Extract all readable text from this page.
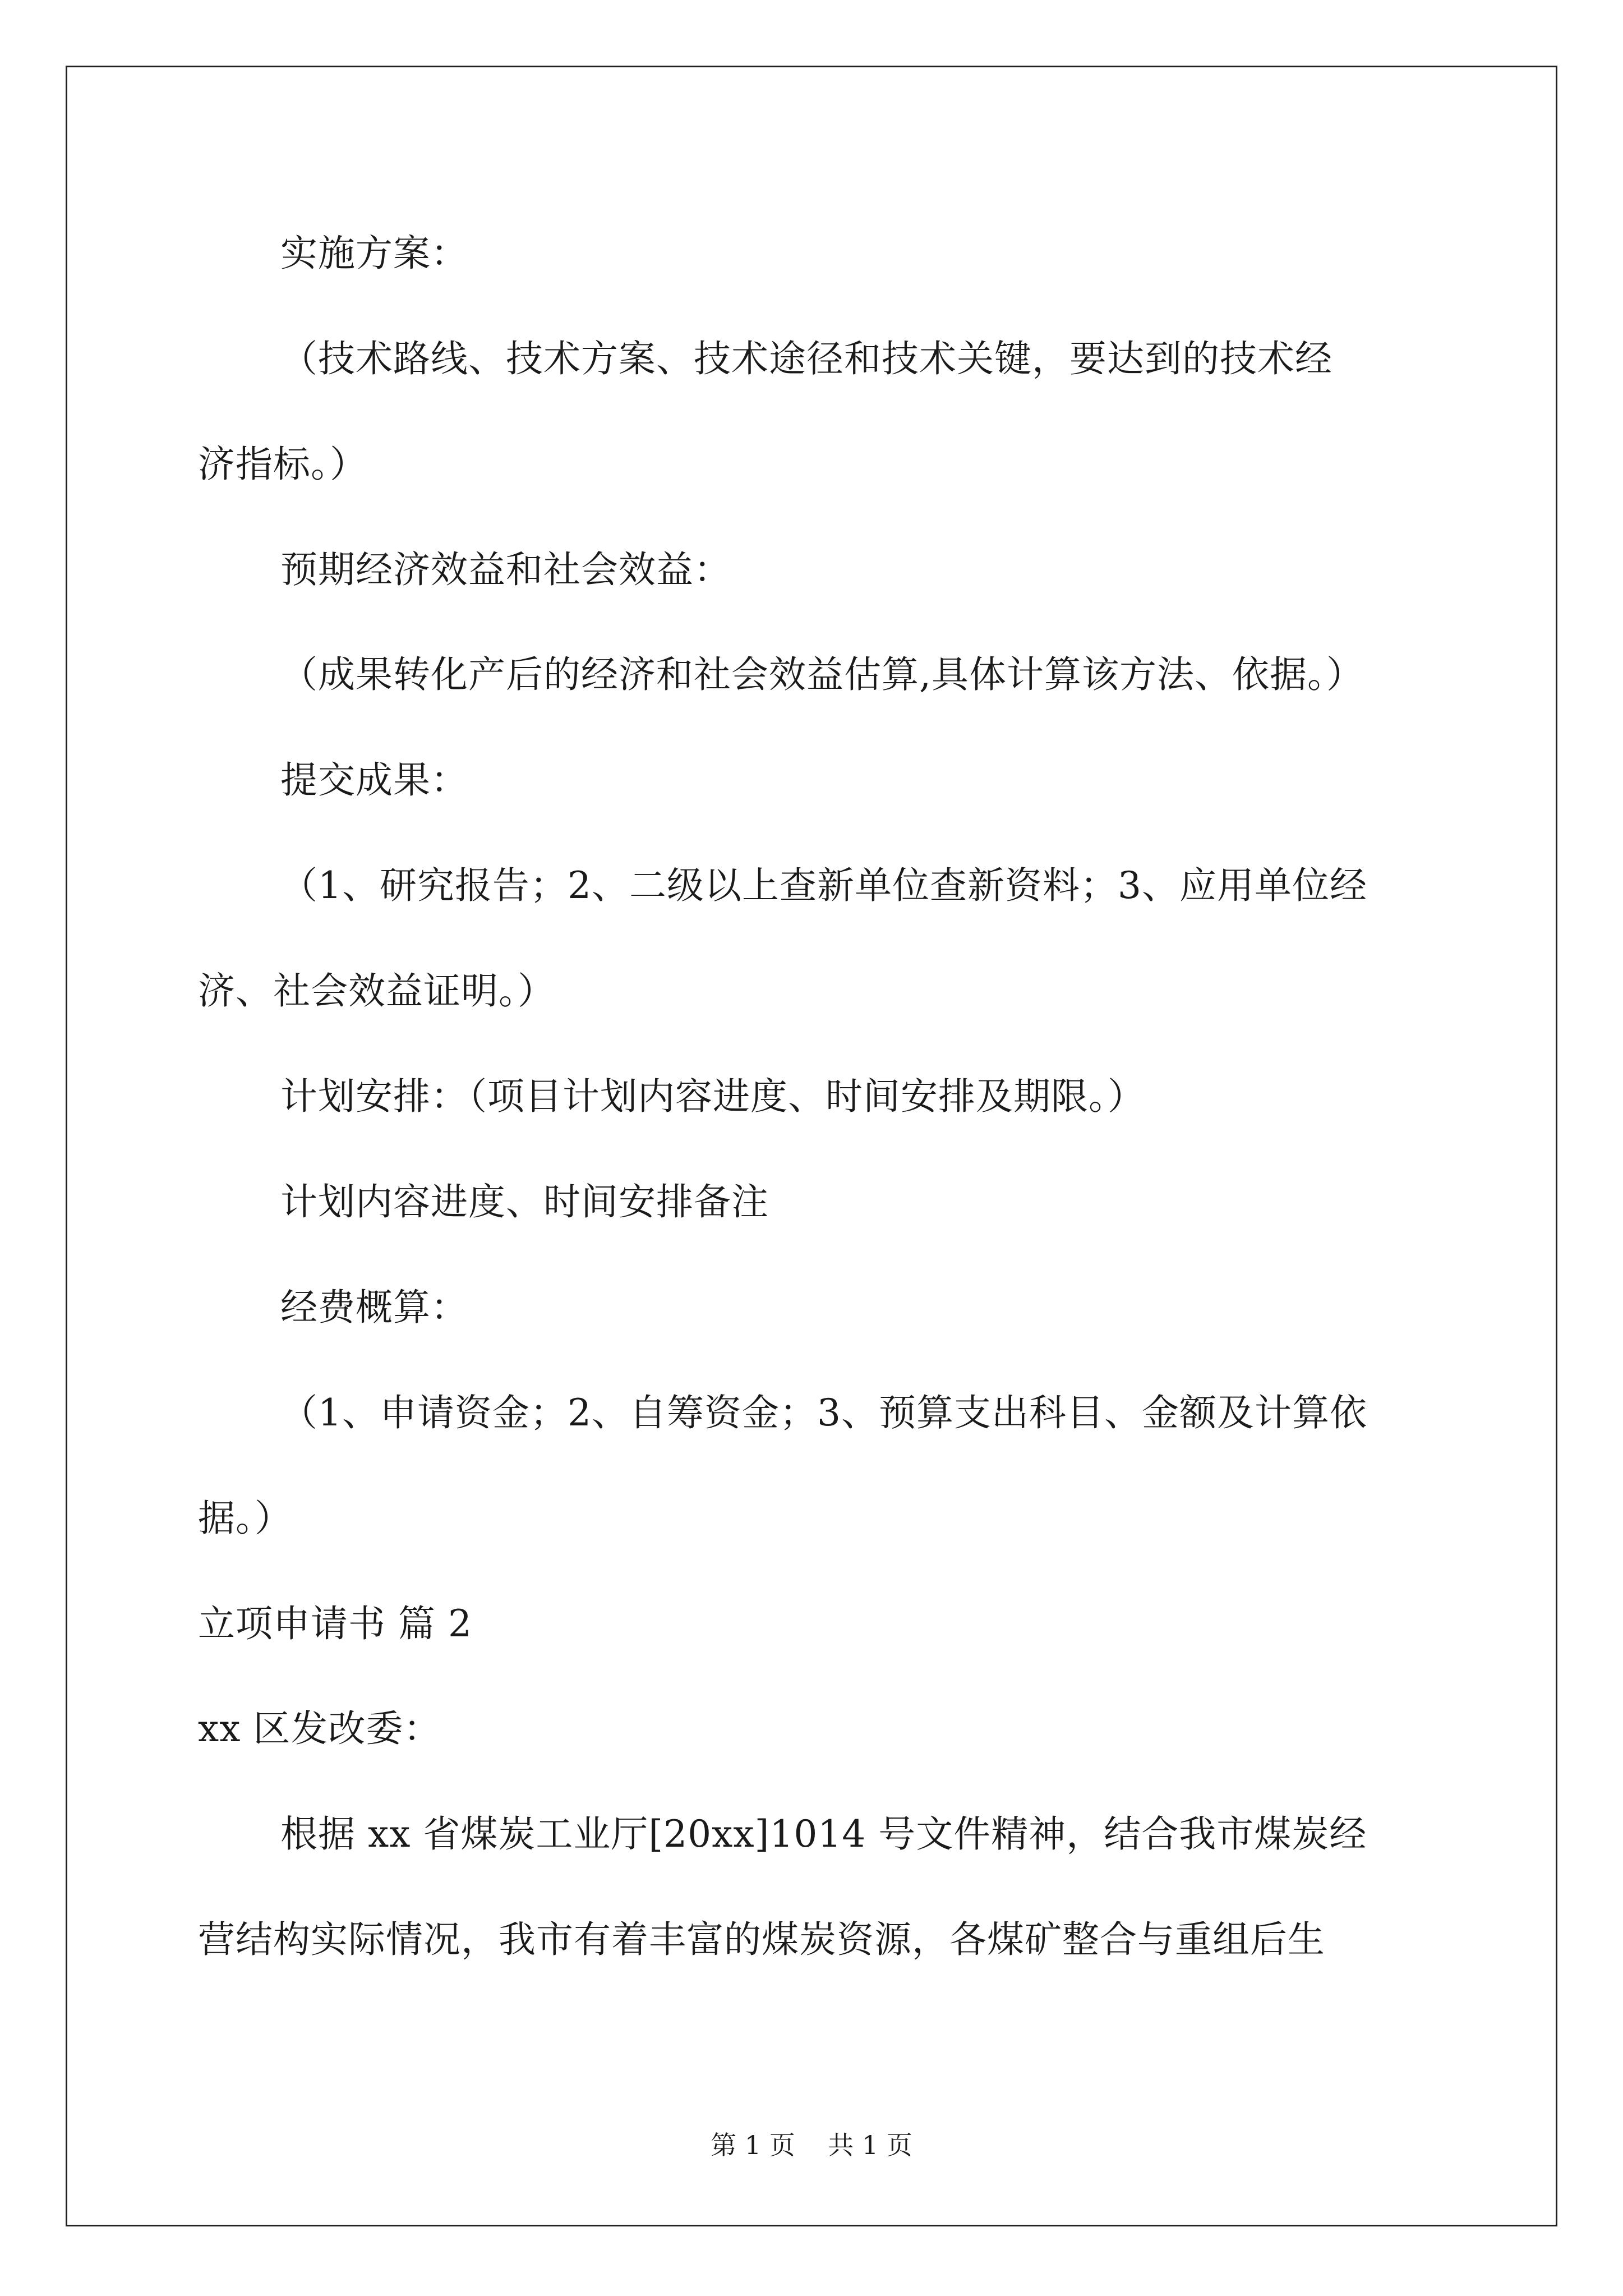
实施方案：
（技术路线、技术方案、技术途径和技术关键，要达到的技术经
济指标。）
预期经济效益和社会效益：
（成果转化产后的经济和社会效益估算,具体计算该方法、依据。）
提交成果：
（1、研究报告；2、二级以上查新单位查新资料；3、应用单位经
济、社会效益证明。）
计划安排：（项目计划内容进度、时间安排及期限。）
计划内容进度、时间安排备注
经费概算：
（1、申请资金；2、自筹资金；3、预算支出科目、金额及计算依
据。）
立项申请书 篇 2
xx 区发改委：
根据 xx 省煤炭工业厅[20xx]1014 号文件精神，结合我市煤炭经
营结构实际情况，我市有着丰富的煤炭资源，各煤矿整合与重组后生
第 1 页    共 1 页
